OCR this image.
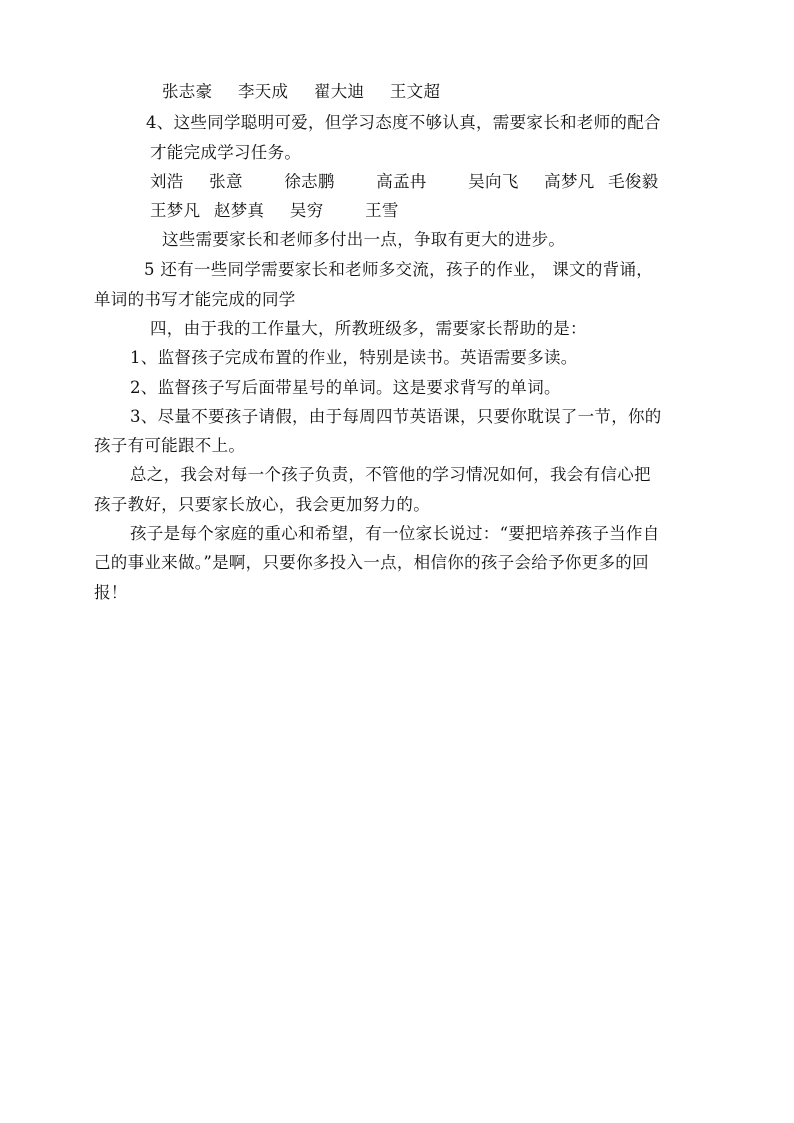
张志豪 李天成 翟大迪 王文超
4、这些同学聪明可爱，但学习态度不够认真，需要家长和老师的配合
才能完成学习任务。
刘浩 张意	徐志鹏	高孟冉	吴向飞 高梦凡 毛俊毅
王梦凡 赵梦真 吴穷	王雪
这些需要家长和老师多付出一点，争取有更大的进步。
5 还有一些同学需要家长和老师多交流，孩子的作业， 课文的背诵，
单词的书写才能完成的同学
四，由于我的工作量大，所教班级多，需要家长帮助的是：
1、监督孩子完成布置的作业，特别是读书。英语需要多读。
2、监督孩子写后面带星号的单词。这是要求背写的单词。
3、尽量不要孩子请假，由于每周四节英语课，只要你耽误了一节，你的
孩子有可能跟不上。
总之，我会对每一个孩子负责，不管他的学习情况如何，我会有信心把
孩子教好，只要家长放心，我会更加努力的。
孩子是每个家庭的重心和希望，有一位家长说过：“要把培养孩子当作自
己的事业来做。”是啊，只要你多投入一点，相信你的孩子会给予你更多的回
报！
